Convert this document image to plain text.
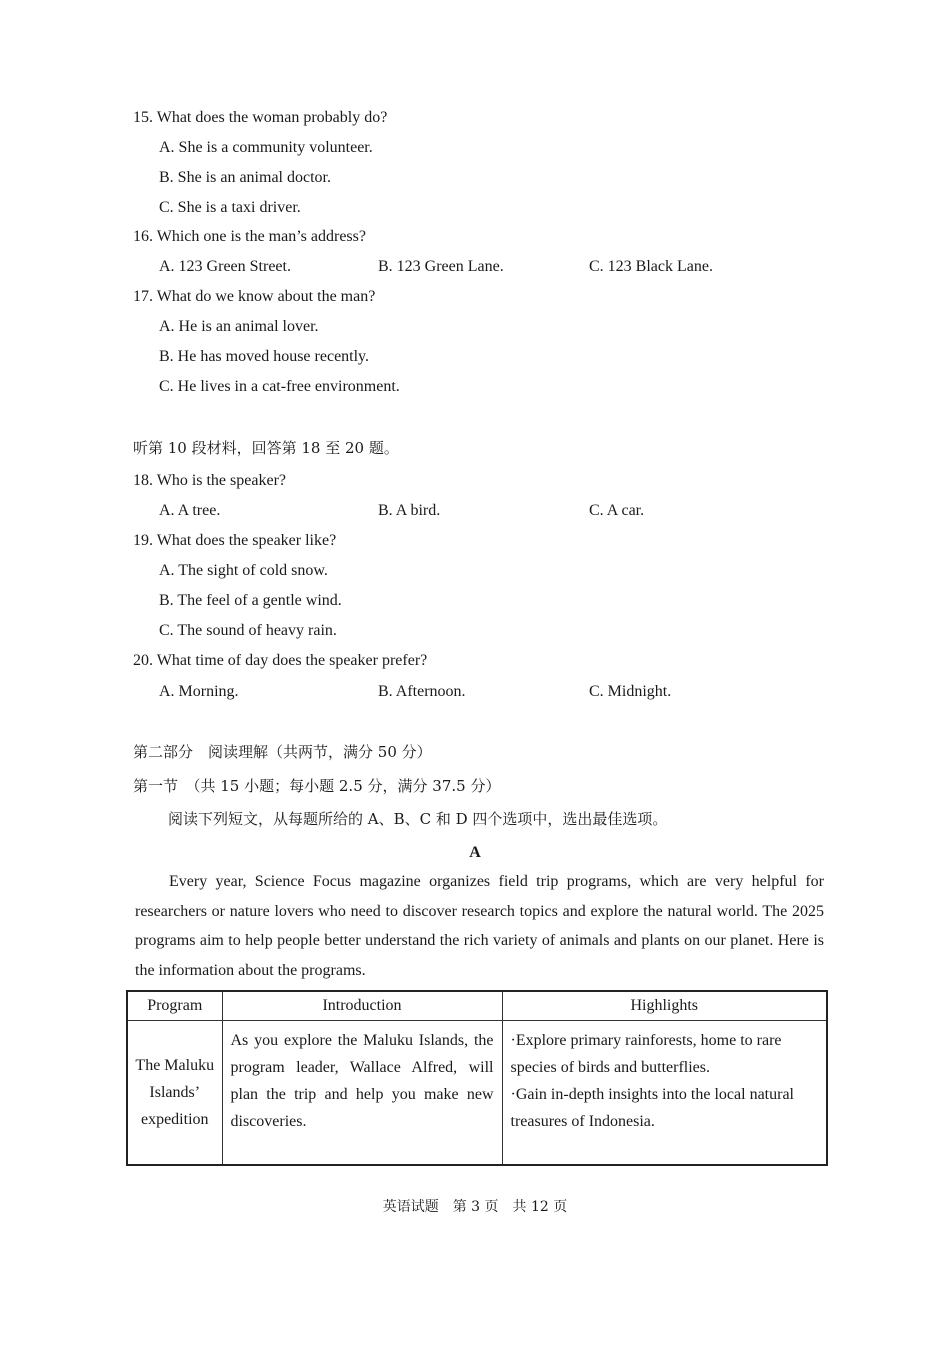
15. What does the woman probably do?
A. She is a community volunteer.
B. She is an animal doctor.
C. She is a taxi driver.
16. Which one is the man’s address?
A. 123 Green Street.	B. 123 Green Lane.	C. 123 Black Lane.
17. What do we know about the man?
A. He is an animal lover.
B. He has moved house recently.
C. He lives in a cat-free environment.
听第 10 段材料，回答第 18 至 20 题。
18. Who is the speaker?
A. A tree.	B. A bird.	C. A car.
19. What does the speaker like?
A. The sight of cold snow.
B. The feel of a gentle wind.
C. The sound of heavy rain.
20. What time of day does the speaker prefer?
A. Morning.	B. Afternoon.	C. Midnight.
第二部分　阅读理解（共两节，满分 50 分）
第一节　（共 15 小题；每小题 2.5 分，满分 37.5 分）
阅读下列短文，从每题所给的 A、B、C 和 D 四个选项中，选出最佳选项。
A

Every year, Science Focus magazine organizes field trip programs, which are very helpful for researchers or nature lovers who need to discover research topics and explore the natural world. The 2025 programs aim to help people better understand the rich variety of animals and plants on our planet. Here is the information about the programs.

Program	Introduction	Highlights
The Maluku Islands’ expedition	As you explore the Maluku Islands, the program leader, Wallace Alfred, will plan the trip and help you make new discoveries.	·Explore primary rainforests, home to rare species of birds and butterflies.
·Gain in-depth insights into the local natural treasures of Indonesia.
英语试题　第 3 页　共 12 页
